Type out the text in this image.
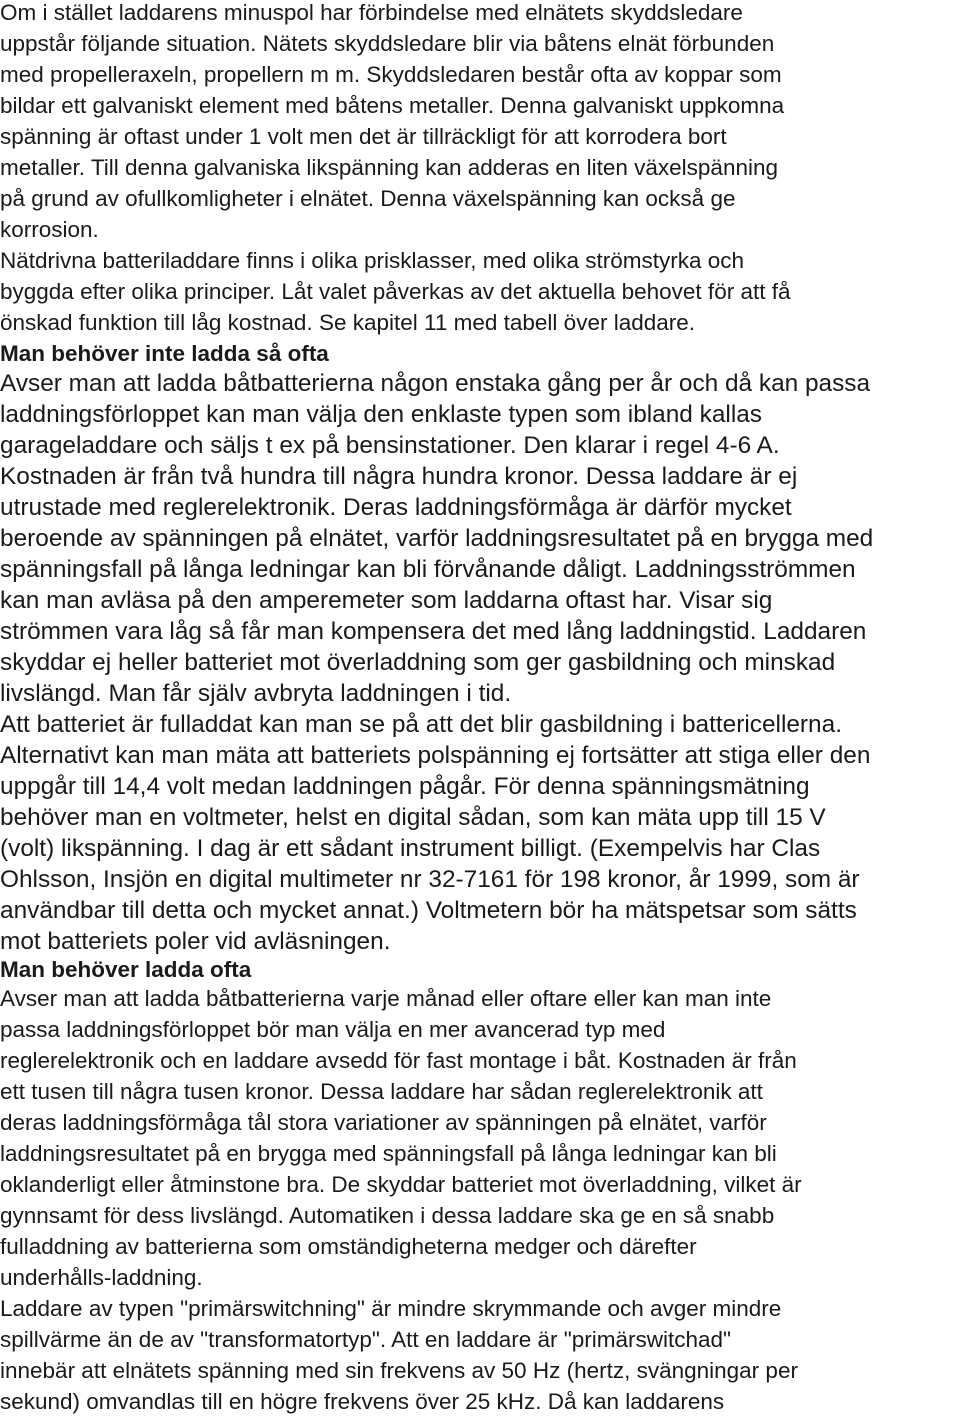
Om i stället laddarens minuspol har förbindelse med elnätets skyddsledare

uppstår följande situation. Nätets skyddsledare blir via båtens elnät förbunden

med propelleraxeln, propellern m m. Skyddsledaren består ofta av koppar som

bildar ett galvaniskt element med båtens metaller. Denna galvaniskt uppkomna

spänning är oftast under 1 volt men det är tillräckligt för att korrodera bort

metaller. Till denna galvaniska likspänning kan adderas en liten växelspänning

på grund av ofullkomligheter i elnätet. Denna växelspänning kan också ge

korrosion.

Nätdrivna batteriladdare finns i olika prisklasser, med olika strömstyrka och

byggda efter olika principer. Låt valet påverkas av det aktuella behovet för att få

önskad funktion till låg kostnad. Se kapitel 11 med tabell över laddare.

Man behöver inte ladda så ofta

Avser man att ladda båtbatterierna någon enstaka gång per år och då kan passa

laddningsförloppet kan man välja den enklaste typen som ibland kallas

garageladdare och säljs t ex på bensinstationer. Den klarar i regel 4-6 A.

Kostnaden är från två hundra till några hundra kronor. Dessa laddare är ej

utrustade med reglerelektronik. Deras laddningsförmåga är därför mycket

beroende av spänningen på elnätet, varför laddningsresultatet på en brygga med

spänningsfall på långa ledningar kan bli förvånande dåligt. Laddningsströmmen

kan man avläsa på den amperemeter som laddarna oftast har. Visar sig

strömmen vara låg så får man kompensera det med lång laddningstid. Laddaren

skyddar ej heller batteriet mot överladdning som ger gasbildning och minskad

livslängd. Man får själv avbryta laddningen i tid.

Att batteriet är fulladdat kan man se på att det blir gasbildning i battericellerna.

Alternativt kan man mäta att batteriets polspänning ej fortsätter att stiga eller den

uppgår till 14,4 volt medan laddningen pågår. För denna spänningsmätning

behöver man en voltmeter, helst en digital sådan, som kan mäta upp till 15 V

(volt) likspänning. I dag är ett sådant instrument billigt. (Exempelvis har Clas

Ohlsson, Insjön en digital multimeter nr 32-7161 för 198 kronor, år 1999, som är

användbar till detta och mycket annat.) Voltmetern bör ha mätspetsar som sätts

mot batteriets poler vid avläsningen.

Man behöver ladda ofta

Avser man att ladda båtbatterierna varje månad eller oftare eller kan man inte

passa laddningsförloppet bör man välja en mer avancerad typ med

reglerelektronik och en laddare avsedd för fast montage i båt. Kostnaden är från

ett tusen till några tusen kronor. Dessa laddare har sådan reglerelektronik att

deras laddningsförmåga tål stora variationer av spänningen på elnätet, varför

laddningsresultatet på en brygga med spänningsfall på långa ledningar kan bli

oklanderligt eller åtminstone bra. De skyddar batteriet mot överladdning, vilket är

gynnsamt för dess livslängd. Automatiken i dessa laddare ska ge en så snabb

fulladdning av batterierna som omständigheterna medger och därefter

underhålls-laddning.

Laddare av typen "primärswitchning" är mindre skrymmande och avger mindre

spillvärme än de av "transformatortyp". Att en laddare är "primärswitchad"

innebär att elnätets spänning med sin frekvens av 50 Hz (hertz, svängningar per

sekund) omvandlas till en högre frekvens över 25 kHz. Då kan laddarens
